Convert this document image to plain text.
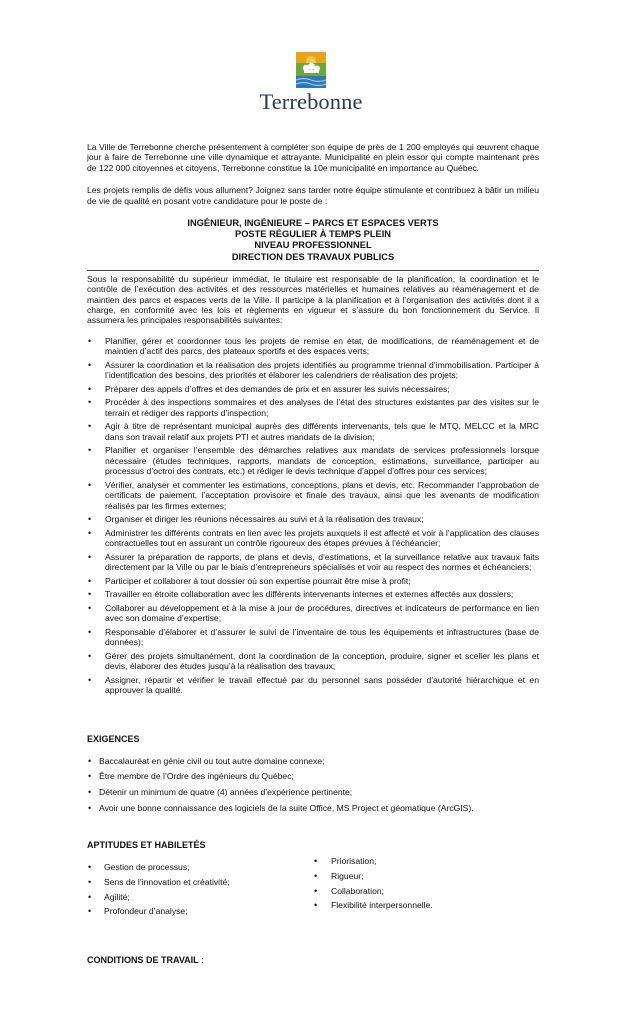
Terrebonne

La Ville de Terrebonne cherche présentement à compléter son équipe de près de 1 200 employés qui œuvrent chaque jour à faire de Terrebonne une ville dynamique et attrayante. Municipalité en plein essor qui compte maintenant près de 122 000 citoyennes et citoyens, Terrebonne constitue la 10e municipalité en importance au Québec.

Les projets remplis de défis vous allument? Joignez sans tarder notre équipe stimulante et contribuez à bâtir un milieu de vie de qualité en posant votre candidature pour le poste de :

INGÉNIEUR, INGÉNIEURE – PARCS ET ESPACES VERTS
POSTE RÉGULIER À TEMPS PLEIN
NIVEAU PROFESSIONNEL
DIRECTION DES TRAVAUX PUBLICS

Sous la responsabilité du supérieur immédiat, le titulaire est responsable de la planification, la coordination et le contrôle de l’exécution des activités et des ressources matérielles et humaines relatives au réaménagement et de maintien des parcs et espaces verts de la Ville. Il participe à la planification et à l’organisation des activités dont il a charge, en conformité avec les lois et règlements en vigueur et s’assure du bon fonctionnement du Service. Il assumera les principales responsabilités suivantes:

• Planifier, gérer et coordonner tous les projets de remise en état, de modifications, de réaménagement et de maintien d’actif des parcs, des plateaux sportifs et des espaces verts;
• Assurer la coordination et la réalisation des projets identifiés au programme triennal d’immobilisation. Participer à l’identification des besoins, des priorités et élaborer les calendriers de réalisation des projets;
• Préparer des appels d’offres et des demandes de prix et en assurer les suivis nécessaires;
• Procéder à des inspections sommaires et des analyses de l’état des structures existantes par des visites sur le terrain et rédiger des rapports d’inspection;
• Agir à titre de représentant municipal auprès des différents intervenants, tels que le MTQ, MELCC et la MRC dans son travail relatif aux projets PTI et autres mandats de la division;
• Planifier et organiser l’ensemble des démarches relatives aux mandats de services professionnels lorsque nécessaire (études techniques, rapports, mandats de conception, estimations, surveillance, participer au processus d’octroi des contrats, etc.) et rédiger le devis technique d’appel d’offres pour ces services;
• Vérifier, analyser et commenter les estimations, conceptions, plans et devis, etc. Recommander l’approbation de certificats de paiement, l’acceptation provisoire et finale des travaux, ainsi que les avenants de modification réalisés par les firmes externes;
• Organiser et diriger les réunions nécessaires au suivi et à la réalisation des travaux;
• Administrer les différents contrats en lien avec les projets auxquels il est affecté et voir à l’application des clauses contractuelles tout en assurant un contrôle rigoureux des étapes prévues à l’échéancier;
• Assurer la préparation de rapports, de plans et devis, d’estimations, et la surveillance relative aux travaux faits directement par la Ville ou par le biais d’entrepreneurs spécialisés et voir au respect des normes et échéanciers;
• Participer et collaborer à tout dossier où son expertise pourrait être mise à profit;
• Travailler en étroite collaboration avec les différents intervenants internes et externes affectés aux dossiers;
• Collaborer au développement et à la mise à jour de procédures, directives et indicateurs de performance en lien avec son domaine d’expertise;
• Responsable d’élaborer et d’assurer le suivi de l’inventaire de tous les équipements et infrastructures (base de données);
• Gérer des projets simultanément, dont la coordination de la conception, produire, signer et sceller les plans et devis, élaborer des études jusqu’à la réalisation des travaux;
• Assigner, répartir et vérifier le travail effectué par du personnel sans posséder d’autorité hiérarchique et en approuver la qualité.
EXIGENCES
• Baccalauréat en génie civil ou tout autre domaine connexe;
• Être membre de l’Ordre des ingénieurs du Québec;
• Détenir un minimum de quatre (4) années d’expérience pertinente;
• Avoir une bonne connaissance des logiciels de la suite Office, MS Project et géomatique (ArcGIS).
APTITUDES ET HABILETÉS
• Gestion de processus;
• Sens de l’innovation et créativité;
• Agilité;
• Profondeur d’analyse;
• Priorisation;
• Rigueur;
• Collaboration;
• Flexibilité interpersonnelle.
CONDITIONS DE TRAVAIL :
